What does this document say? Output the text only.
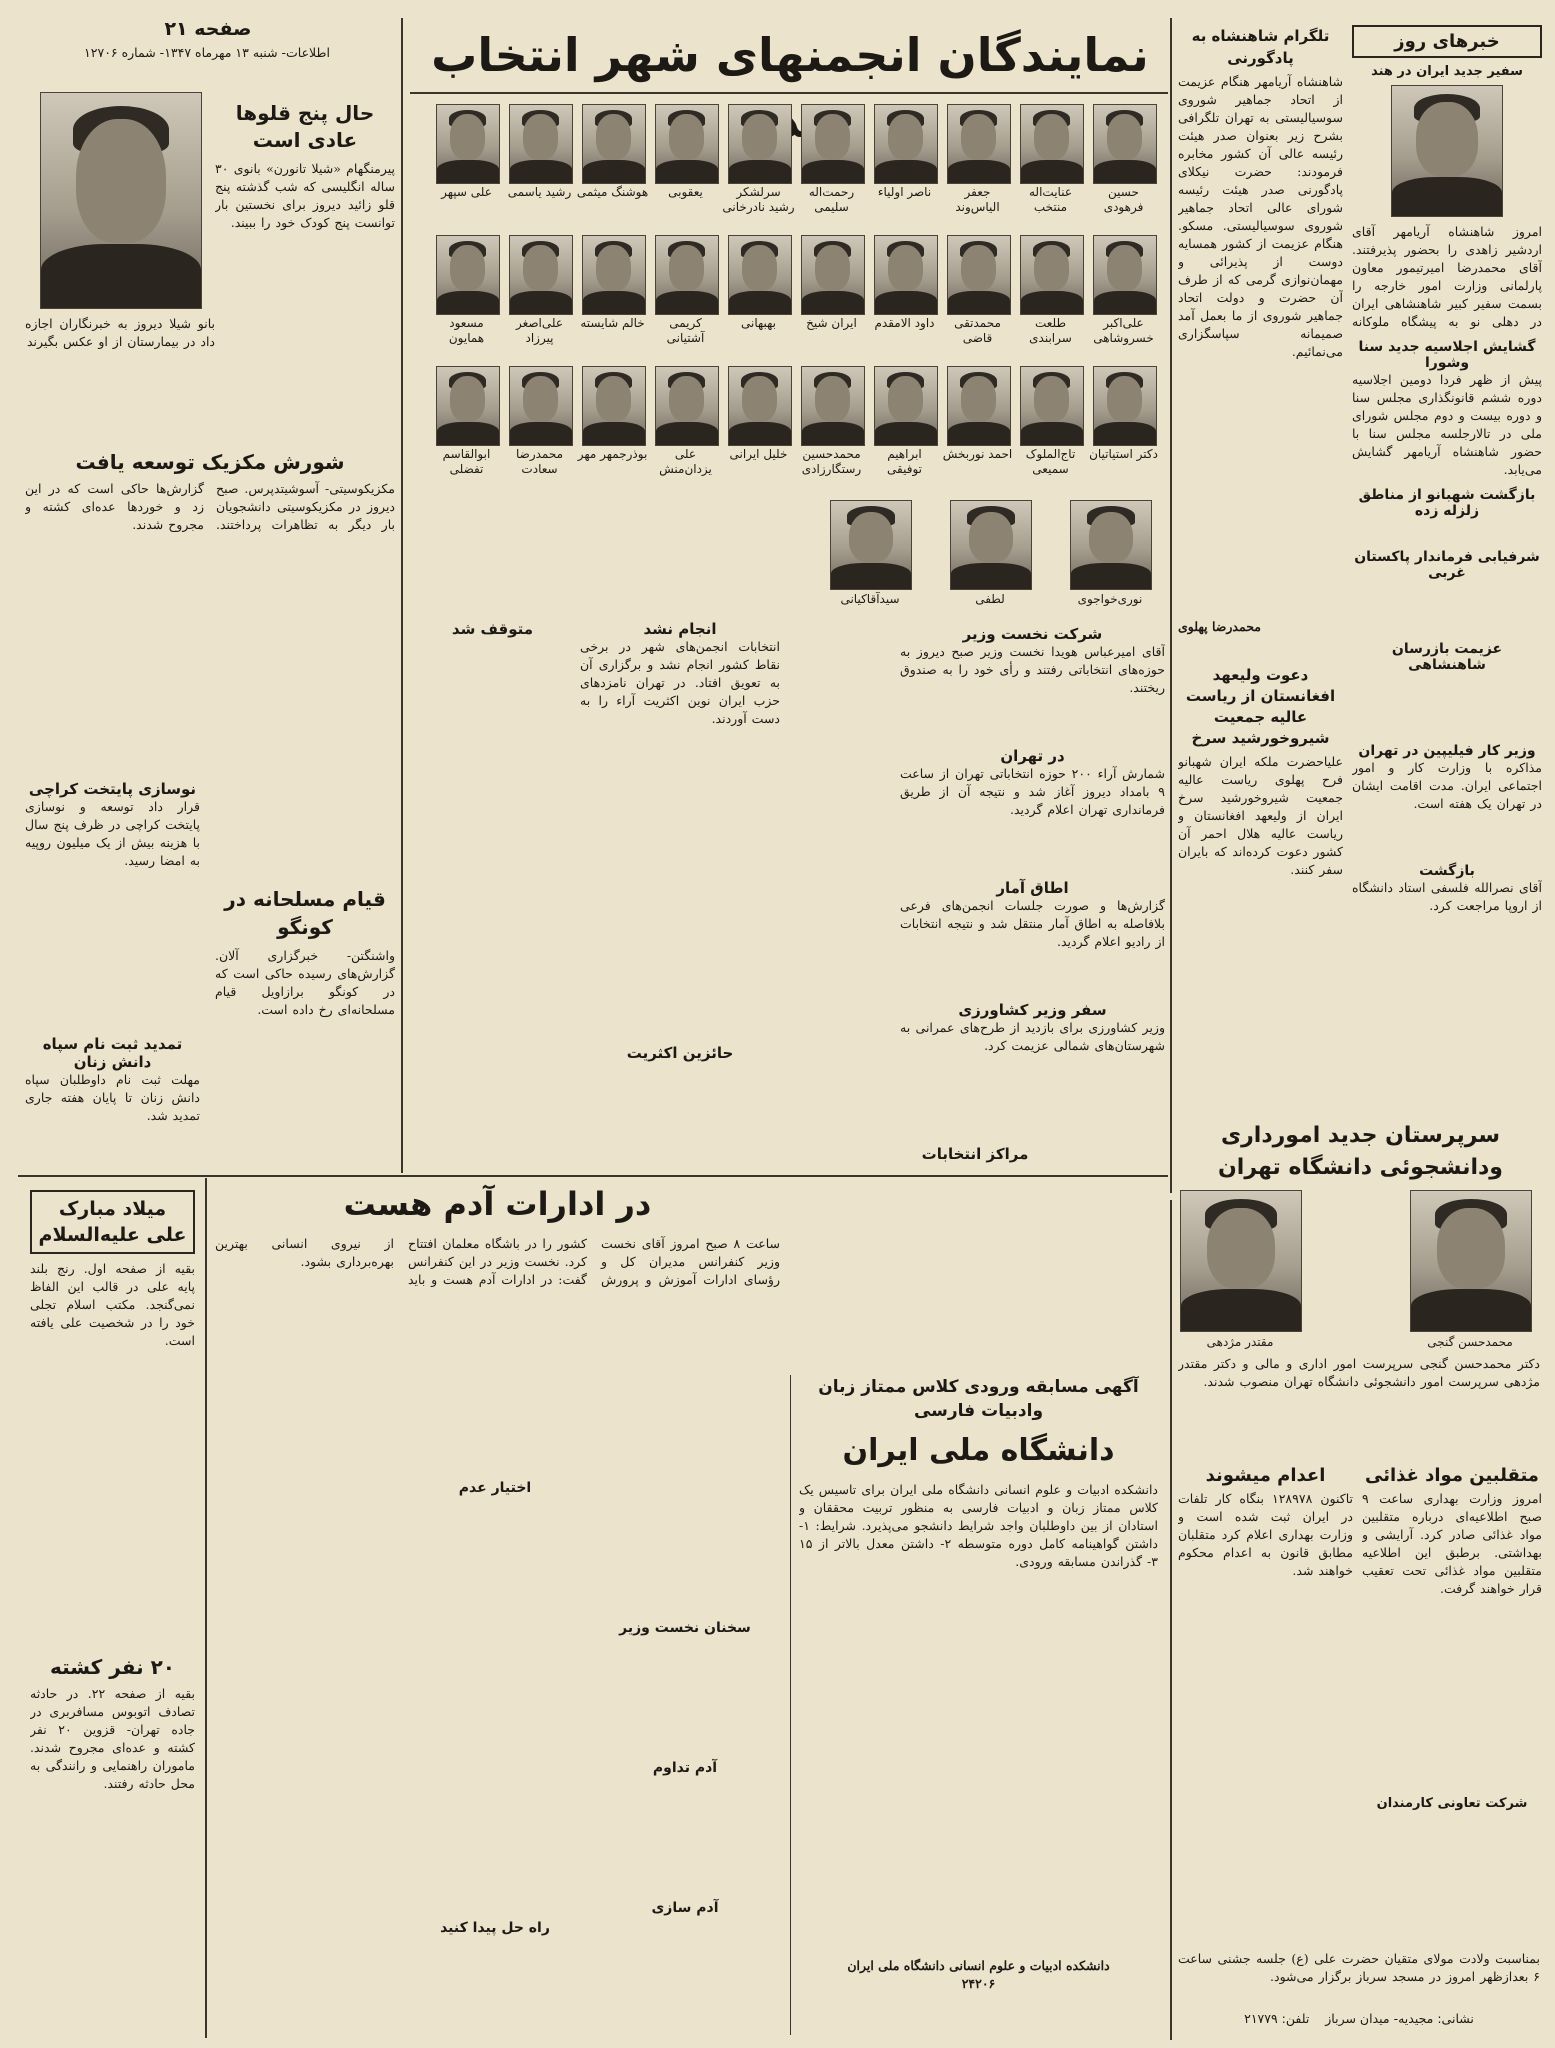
صفحه ۲۱
اطلاعات- شنبه ۱۳ مهرماه ۱۳۴۷- شماره ۱۲۷۰۶	نمایندگان انجمنهای شهر انتخاب
حسین فرهودی
عنایت‌اله منتخب
جعفر الیاس‌وند
ناصر اولیاء
رحمت‌اله سلیمی
سرلشکر رشید نادرخانی
یعقوبی
هوشنگ میثمی
رشید یاسمی
علی سپهر
علی‌اکبر خسروشاهی
طلعت سرابندی
محمدتقی قاضی
داود الامقدم
ایران شیخ
بهبهانی
کریمی آشتیانی
خالم شایسته
علی‌اصغر پیرزاد
مسعود همایون
دکتر استیاتیان
تاج‌الملوک سمیعی
احمد نوربخش
ابراهیم توفیقی
محمدحسین رستگارزادی
خلیل ایرانی
علی یزدان‌منش
بوذرجمهر مهر
محمدرضا سعادت
ابوالقاسم تفضلی
نوری‌خواجوی
لطفی
سیدآقاکیانی
تلگرام شاهنشاه به پادگورنی
شاهنشاه آریامهر هنگام عزیمت از اتحاد جماهیر شوروی سوسیالیستی به تهران تلگرافی بشرح زیر بعنوان صدر هیئت رئیسه عالی آن کشور مخابره فرمودند: حضرت نیکلای پادگورنی صدر هیئت رئیسه شورای عالی اتحاد جماهیر شوروی سوسیالیستی. مسکو. هنگام عزیمت از کشور همسایه دوست از پذیرائی و مهمان‌نوازی گرمی که از طرف آن حضرت و دولت اتحاد جماهیر شوروی از ما بعمل آمد صمیمانه سپاسگزاری می‌نمائیم.
محمدرضا پهلوی
دعوت ولیعهد افغانستان از ریاست عالیه جمعیت شیروخورشید سرخ
علیاحضرت ملکه ایران شهبانو فرح پهلوی ریاست عالیه جمعیت شیروخورشید سرخ ایران از ولیعهد افغانستان و ریاست عالیه هلال احمر آن کشور دعوت کرده‌اند که بایران سفر کنند.
خبرهای روز
سفیر جدید ایران در هند
امروز شاهنشاه آریامهر آقای اردشیر زاهدی را بحضور پذیرفتند. آقای محمدرضا امیرتیمور معاون پارلمانی وزارت امور خارجه را بسمت سفیر کبیر شاهنشاهی ایران در دهلی نو به پیشگاه ملوکانه
گشایش اجلاسیه جدید سنا وشورا
پیش از ظهر فردا دومین اجلاسیه دوره ششم قانونگذاری مجلس سنا و دوره بیست و دوم مجلس شورای ملی در تالارجلسه مجلس سنا با حضور شاهنشاه آریامهر گشایش می‌یابد.
بازگشت شهبانو از مناطق زلزله زده
شرفیابی فرماندار پاکستان غربی
عزیمت بازرسان شاهنشاهی
وزیر کار فیلیپین در تهران
مذاکره با وزارت کار و امور اجتماعی ایران. مدت اقامت ایشان در تهران یک هفته است.
بازگشت
آقای نصرالله فلسفی استاد دانشگاه از اروپا مراجعت کرد.
شرکت نخست وزیر
آقای امیرعباس هویدا نخست وزیر صبح دیروز به حوزه‌های انتخاباتی رفتند و رأی خود را به صندوق ریختند.
در تهران
شمارش آراء ۲۰۰ حوزه انتخاباتی تهران از ساعت ۹ بامداد دیروز آغاز شد و نتیجه آن از طریق فرمانداری تهران اعلام گردید.
اطاق آمار
گزارش‌ها و صورت جلسات انجمن‌های فرعی بلافاصله به اطاق آمار منتقل شد و نتیجه انتخابات از رادیو اعلام گردید.
سفر وزیر کشاورزی
وزیر کشاورزی برای بازدید از طرح‌های عمرانی به شهرستان‌های شمالی عزیمت کرد.
مراکز انتخابات
انجام نشد
انتخابات انجمن‌های شهر در برخی نقاط کشور انجام نشد و برگزاری آن به تعویق افتاد. در تهران نامزدهای حزب ایران نوین اکثریت آراء را به دست آوردند.
حائزین اکثریت
متوقف شد
حال پنج قلوها عادی است
پیرمنگهام «شیلا تانورن» بانوی ۳۰ ساله انگلیسی که شب گذشته پنج قلو زائید دیروز برای نخستین بار توانست پنج کودک خود را ببیند.
بانو شیلا دیروز به خبرنگاران اجازه داد در بیمارستان از او عکس بگیرند
شورش مکزیک توسعه یافت
مکزیکوسیتی- آسوشیتدپرس. صبح دیروز در مکزیکوسیتی دانشجویان بار دیگر به تظاهرات پرداختند. گزارش‌ها حاکی است که در این زد و خوردها عده‌ای کشته و مجروح شدند.
نوسازی پایتخت کراچی
قرار داد توسعه و نوسازی پایتخت کراچی در ظرف پنج سال با هزینه بیش از یک میلیون روپیه به امضا رسید.
قیام مسلحانه در کونگو
واشنگتن- خبرگزاری آلان. گزارش‌های رسیده حاکی است که در کونگو برازاویل قیام مسلحانه‌ای رخ داده است.
تمدید ثبت نام سپاه دانش زنان
مهلت ثبت نام داوطلبان سپاه دانش زنان تا پایان هفته جاری تمدید شد.
میلاد مبارک علی علیه‌السلام
بقیه از صفحه اول. رنج بلند پایه علی در قالب این الفاظ نمی‌گنجد. مکتب اسلام تجلی خود را در شخصیت علی یافته است.
۲۰ نفر کشته
بقیه از صفحه ۲۲. در حادثه تصادف اتوبوس مسافربری در جاده تهران- قزوین ۲۰ نفر کشته و عده‌ای مجروح شدند. ماموران راهنمایی و رانندگی به محل حادثه رفتند.
در ادارات آدم هست
ساعت ۸ صبح امروز آقای نخست وزیر کنفرانس مدیران کل و رؤسای ادارات آموزش و پرورش کشور را در باشگاه معلمان افتتاح کرد. نخست وزیر در این کنفرانس گفت: در ادارات آدم هست و باید از نیروی انسانی بهترین بهره‌برداری بشود.
آدم تداوم
آدم سازی
اختیار عدم
سخنان نخست وزیر
راه حل پیدا کنید
آگهی مسابقه ورودی کلاس ممتاز زبان وادبیات فارسی
دانشگاه ملی ایران
دانشکده ادبیات و علوم انسانی دانشگاه ملی ایران برای تاسیس یک کلاس ممتاز زبان و ادبیات فارسی به منظور تربیت محققان و استادان از بین داوطلبان واجد شرایط دانشجو می‌پذیرد. شرایط: ۱- داشتن گواهینامه کامل دوره متوسطه ۲- داشتن معدل بالاتر از ۱۵ ۳- گذراندن مسابقه ورودی.
دانشکده ادبیات و علوم انسانی دانشگاه ملی ایران
۲۴۲۰۶
سرپرستان جدید امورداری ودانشجوئی دانشگاه تهران
محمدحسن گنجی
مقتدر مژدهی
دکتر محمدحسن گنجی سرپرست امور اداری و مالی و دکتر مقتدر مژدهی سرپرست امور دانشجوئی دانشگاه تهران منصوب شدند.
اعدام میشوند
تاکنون ۱۲۸۹۷۸ بنگاه کار تلفات در ایران ثبت شده است و وزارت بهداری اعلام کرد متقلبان مطابق قانون به اعدام محکوم خواهند شد.
متقلبین مواد غذائی
امروز وزارت بهداری ساعت ۹ صبح اطلاعیه‌ای درباره متقلبین مواد غذائی صادر کرد. آرایشی و بهداشتی. برطبق این اطلاعیه متقلبین مواد غذائی تحت تعقیب قرار خواهند گرفت.
شرکت تعاونی کارمندان
بمناسبت ولادت مولای متقیان حضرت علی (ع) جلسه جشنی ساعت ۶ بعدازظهر امروز در مسجد سرباز برگزار می‌شود.
نشانی: مجیدیه- میدان سرباز    تلفن: ۲۱۷۷۹
